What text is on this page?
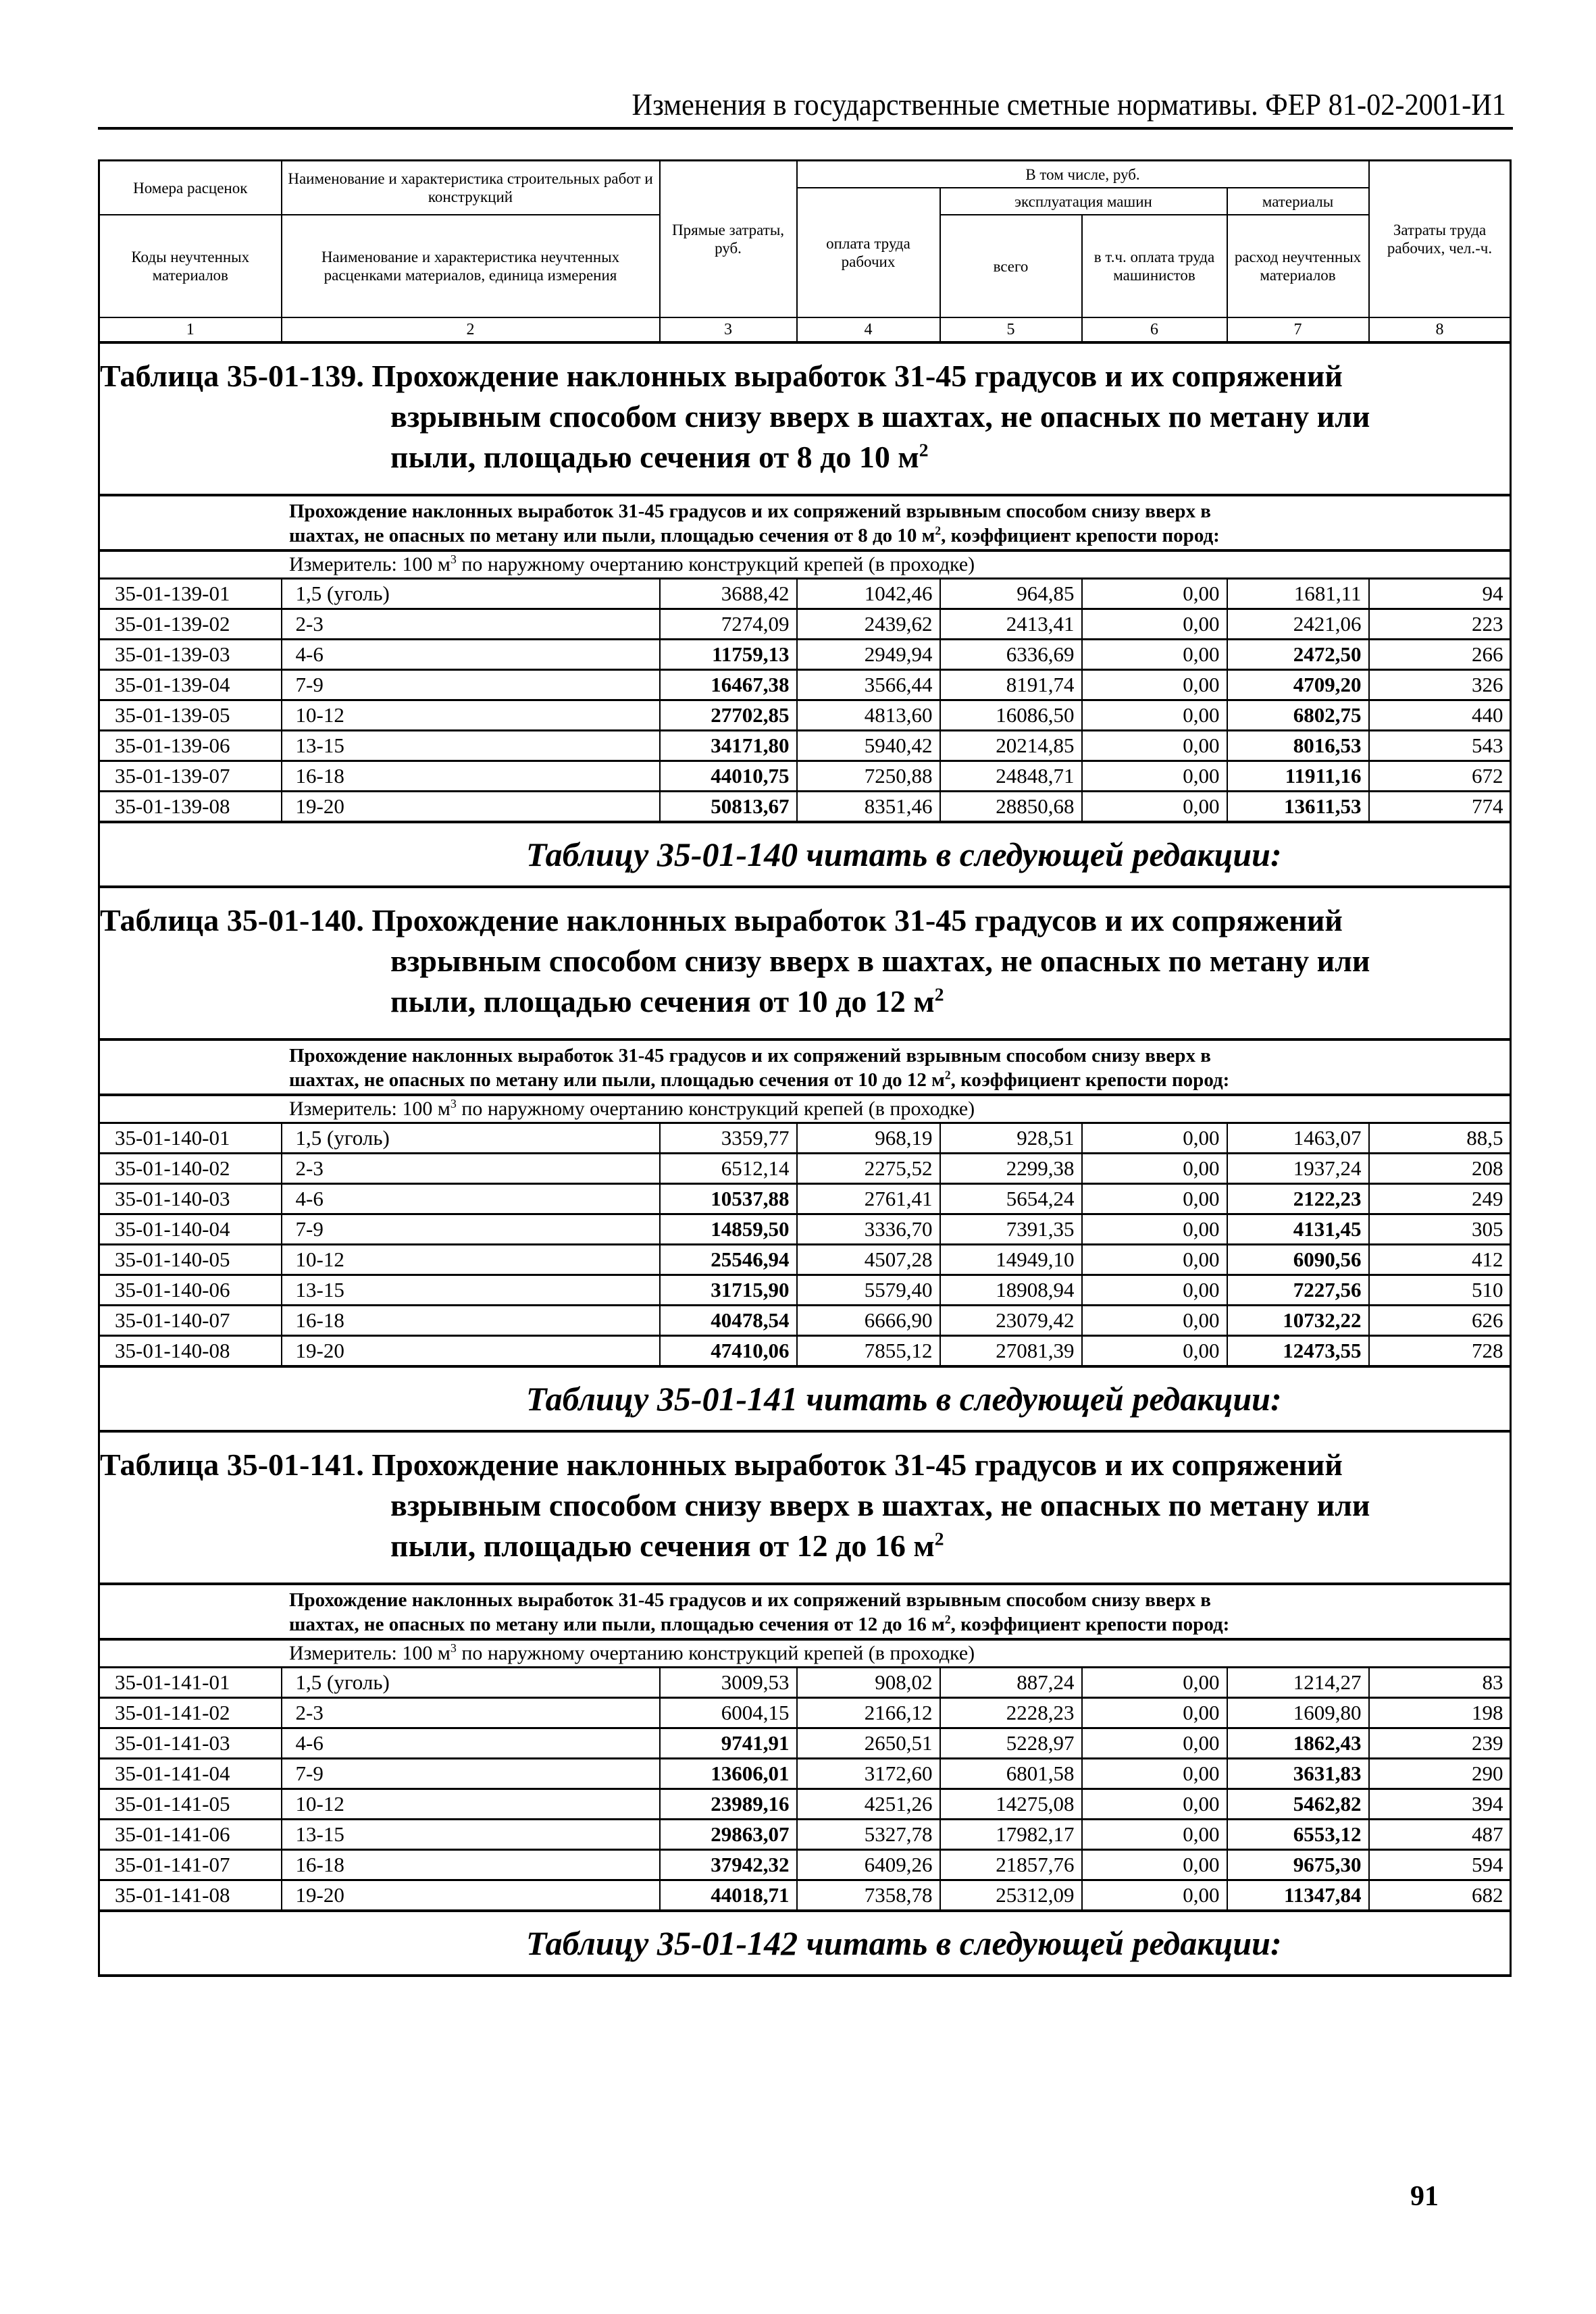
Изменения в государственные сметные нормативы. ФЕР 81-02-2001-И1
Номера расценок	Наименование и характеристика строительных работ и конструкций	Прямые затраты, руб.	В том числе, руб.				Затраты труда рабочих, чел.-ч.	
			оплата труда рабочих	эксплуатация машин		материалы		
Коды неучтенных материалов	Наименование и характеристика неучтенных расценками материалов, единица измерения			всего	в т.ч. оплата труда машинистов	расход неучтенных материалов		

1	2	3	4	5	6	7	8	

Таблица 35-01-139. Прохождение наклонных выработок 31-45 градусов и их сопряжений
взрывным способом снизу вверх в шахтах, не опасных по метану или
пыли, площадью сечения от 8 до 10 $м^2$

Прохождение наклонных выработок 31-45 градусов и их сопряжений взрывным способом снизу вверх в
шахтах, не опасных по метану или пыли, площадью сечения от 8 до 10 $м^2$, коэффициент крепости пород:								

Измеритель: 100 $м^3$ по наружному очертанию конструкций крепей (в проходке)								
35-01-139-01	1,5 (уголь)	3688,42	1042,46	964,85	0,00	1681,11	94	
35-01-139-02	2-3	7274,09	2439,62	2413,41	0,00	2421,06	223	
35-01-139-03	4-6	11759,13	2949,94	6336,69	0,00	2472,50	266	
35-01-139-04	7-9	16467,38	3566,44	8191,74	0,00	4709,20	326	
35-01-139-05	10-12	27702,85	4813,60	16086,50	0,00	6802,75	440	
35-01-139-06	13-15	34171,80	5940,42	20214,85	0,00	8016,53	543	
35-01-139-07	16-18	44010,75	7250,88	24848,71	0,00	11911,16	672	
35-01-139-08	19-20	50813,67	8351,46	28850,68	0,00	13611,53	774	
Таблицу 35-01-140 читать в следующей редакции:								

Таблица 35-01-140. Прохождение наклонных выработок 31-45 градусов и их сопряжений
взрывным способом снизу вверх в шахтах, не опасных по метану или
пыли, площадью сечения от 10 до 12 $м^2$

Прохождение наклонных выработок 31-45 градусов и их сопряжений взрывным способом снизу вверх в
шахтах, не опасных по метану или пыли, площадью сечения от 10 до 12 $м^2$, коэффициент крепости пород:								

Измеритель: 100 $м^3$ по наружному очертанию конструкций крепей (в проходке)								
35-01-140-01	1,5 (уголь)	3359,77	968,19	928,51	0,00	1463,07	88,5	
35-01-140-02	2-3	6512,14	2275,52	2299,38	0,00	1937,24	208	
35-01-140-03	4-6	10537,88	2761,41	5654,24	0,00	2122,23	249	
35-01-140-04	7-9	14859,50	3336,70	7391,35	0,00	4131,45	305	
35-01-140-05	10-12	25546,94	4507,28	14949,10	0,00	6090,56	412	
35-01-140-06	13-15	31715,90	5579,40	18908,94	0,00	7227,56	510	
35-01-140-07	16-18	40478,54	6666,90	23079,42	0,00	10732,22	626	
35-01-140-08	19-20	47410,06	7855,12	27081,39	0,00	12473,55	728	
Таблицу 35-01-141 читать в следующей редакции:								

Таблица 35-01-141. Прохождение наклонных выработок 31-45 градусов и их сопряжений
взрывным способом снизу вверх в шахтах, не опасных по метану или
пыли, площадью сечения от 12 до 16 $м^2$

Прохождение наклонных выработок 31-45 градусов и их сопряжений взрывным способом снизу вверх в
шахтах, не опасных по метану или пыли, площадью сечения от 12 до 16 $м^2$, коэффициент крепости пород:								

Измеритель: 100 $м^3$ по наружному очертанию конструкций крепей (в проходке)								
35-01-141-01	1,5 (уголь)	3009,53	908,02	887,24	0,00	1214,27	83	
35-01-141-02	2-3	6004,15	2166,12	2228,23	0,00	1609,80	198	
35-01-141-03	4-6	9741,91	2650,51	5228,97	0,00	1862,43	239	
35-01-141-04	7-9	13606,01	3172,60	6801,58	0,00	3631,83	290	
35-01-141-05	10-12	23989,16	4251,26	14275,08	0,00	5462,82	394	
35-01-141-06	13-15	29863,07	5327,78	17982,17	0,00	6553,12	487	
35-01-141-07	16-18	37942,32	6409,26	21857,76	0,00	9675,30	594	
35-01-141-08	19-20	44018,71	7358,78	25312,09	0,00	11347,84	682	
Таблицу 35-01-142 читать в следующей редакции:								
91
